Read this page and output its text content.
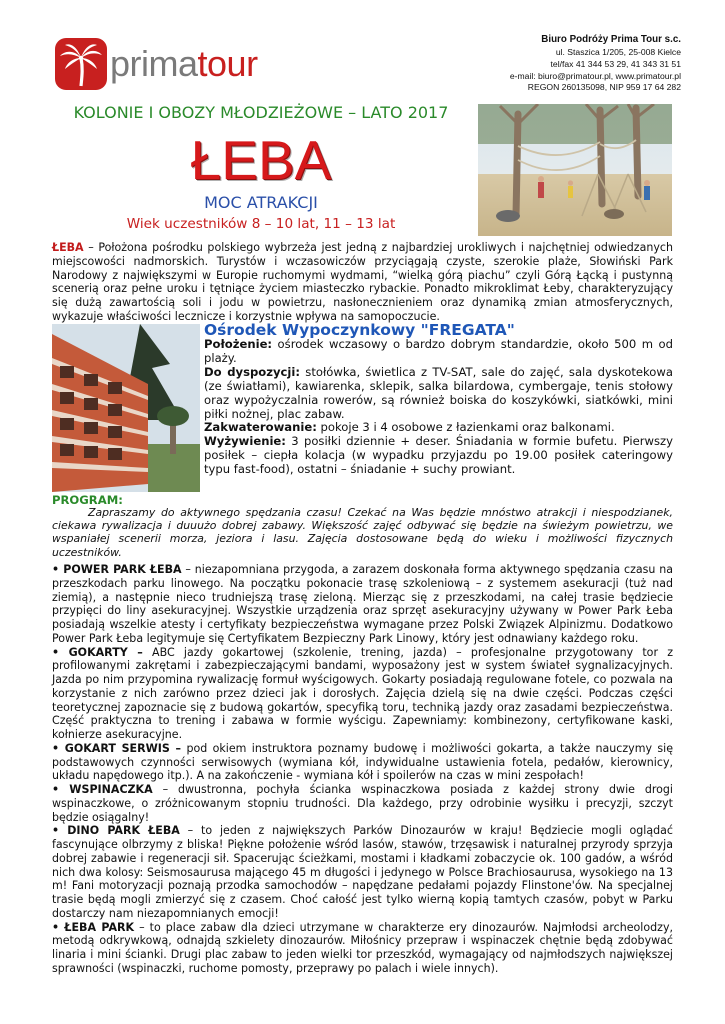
primatour
Biuro Podróży Prima Tour s.c.
ul. Staszica 1/205, 25-008 Kielce
tel/fax 41 344 53 29, 41 343 31 51
e-mail: biuro@primatour.pl, www.primatour.pl
REGON 260135098, NIP 959 17 64 282
KOLONIE I OBOZY MŁODZIEŻOWE – LATO 2017
ŁEBA
MOC ATRAKCJI
Wiek uczestników 8 – 10 lat, 11 – 13 lat
ŁEBA – Położona pośrodku polskiego wybrzeża jest jedną z najbardziej urokliwych i najchętniej odwiedzanych miejscowości nadmorskich. Turystów i wczasowiczów przyciągają czyste, szerokie plaże, Słowiński Park Narodowy z największymi w Europie ruchomymi wydmami, “wielką górą piachu” czyli Górą Łącką i pustynną scenerią oraz pełne uroku i tętniące życiem miasteczko rybackie. Ponadto mikroklimat Łeby, charakteryzujący się dużą zawartością soli i jodu w powietrzu, nasłonecznieniem oraz dynamiką zmian atmosferycznych, wykazuje właściwości lecznicze i korzystnie wpływa na samopoczucie.
Ośrodek Wypoczynkowy "FREGATA"
Położenie: ośrodek wczasowy o bardzo dobrym standardzie, około 500 m od plaży.
Do dyspozycji: stołówka, świetlica z TV-SAT, sale do zajęć, sala dyskotekowa (ze światłami), kawiarenka, sklepik, salka bilardowa, cymbergaje, tenis stołowy oraz wypożyczalnia rowerów, są również boiska do koszykówki, siatkówki, mini piłki nożnej, plac zabaw.
Zakwaterowanie: pokoje 3 i 4 osobowe z łazienkami oraz balkonami.
Wyżywienie: 3 posiłki dziennie + deser. Śniadania w formie bufetu. Pierwszy posiłek – ciepła kolacja (w wypadku przyjazdu po 19.00 posiłek cateringowy typu fast-food), ostatni – śniadanie + suchy prowiant.
PROGRAM:
Zapraszamy do aktywnego spędzania czasu! Czekać na Was będzie mnóstwo atrakcji i niespodzianek, ciekawa rywalizacja i duuużo dobrej zabawy. Większość zajęć odbywać się będzie na świeżym powietrzu, we wspaniałej scenerii morza, jeziora i lasu. Zajęcia dostosowane będą do wieku i możliwości fizycznych uczestników.

• POWER PARK ŁEBA – niezapomniana przygoda, a zarazem doskonała forma aktywnego spędzania czasu na przeszkodach parku linowego. Na początku pokonacie trasę szkoleniową – z systemem asekuracji (tuż nad ziemią), a następnie nieco trudniejszą trasę zieloną. Mierząc się z przeszkodami, na całej trasie będziecie przypięci do liny asekuracyjnej. Wszystkie urządzenia oraz sprzęt asekuracyjny używany w Power Park Łeba posiadają wszelkie atesty i certyfikaty bezpieczeństwa wymagane przez Polski Związek Alpinizmu. Dodatkowo Power Park Łeba legitymuje się Certyfikatem Bezpieczny Park Linowy, który jest odnawiany każdego roku.

• GOKARTY – ABC jazdy gokartowej (szkolenie, trening, jazda) – profesjonalne przygotowany tor z profilowanymi zakrętami i zabezpieczającymi bandami, wyposażony jest w system świateł sygnalizacyjnych. Jazda po nim przypomina rywalizację formuł wyścigowych. Gokarty posiadają regulowane fotele, co pozwala na korzystanie z nich zarówno przez dzieci jak i dorosłych. Zajęcia dzielą się na dwie części. Podczas części teoretycznej zapoznacie się z budową gokartów, specyfiką toru, techniką jazdy oraz zasadami bezpieczeństwa. Część praktyczna to trening i zabawa w formie wyścigu. Zapewniamy: kombinezony, certyfikowane kaski, kołnierze asekuracyjne.

• GOKART SERWIS – pod okiem instruktora poznamy budowę i możliwości gokarta, a także nauczymy się podstawowych czynności serwisowych (wymiana kół, indywidualne ustawienia fotela, pedałów, kierownicy, układu napędowego itp.). A na zakończenie - wymiana kół i spoilerów na czas w mini zespołach!

• WSPINACZKA – dwustronna, pochyła ścianka wspinaczkowa posiada z każdej strony dwie drogi wspinaczkowe, o zróżnicowanym stopniu trudności. Dla każdego, przy odrobinie wysiłku i precyzji, szczyt będzie osiągalny!

• DINO PARK ŁEBA – to jeden z największych Parków Dinozaurów w kraju! Będziecie mogli oglądać fascynujące olbrzymy z bliska! Piękne położenie wśród lasów, stawów, trzęsawisk i naturalnej przyrody sprzyja dobrej zabawie i regeneracji sił. Spacerując ścieżkami, mostami i kładkami zobaczycie ok. 100 gadów, a wśród nich dwa kolosy: Seismosaurusa mającego 45 m długości i jedynego w Polsce Brachiosaurusa, wysokiego na 13 m! Fani motoryzacji poznają przodka samochodów – napędzane pedałami pojazdy Flinstone'ów. Na specjalnej trasie będą mogli zmierzyć się z czasem. Choć całość jest tylko wierną kopią tamtych czasów, pobyt w Parku dostarczy nam niezapomnianych emocji!

• ŁEBA PARK – to place zabaw dla dzieci utrzymane w charakterze ery dinozaurów. Najmłodsi archeolodzy, metodą odkrywkową, odnajdą szkielety dinozaurów. Miłośnicy przepraw i wspinaczek chętnie będą zdobywać linaria i mini ścianki. Drugi plac zabaw to jeden wielki tor przeszkód, wymagający od najmłodszych największej sprawności (wspinaczki, ruchome pomosty, przeprawy po palach i wiele innych).
